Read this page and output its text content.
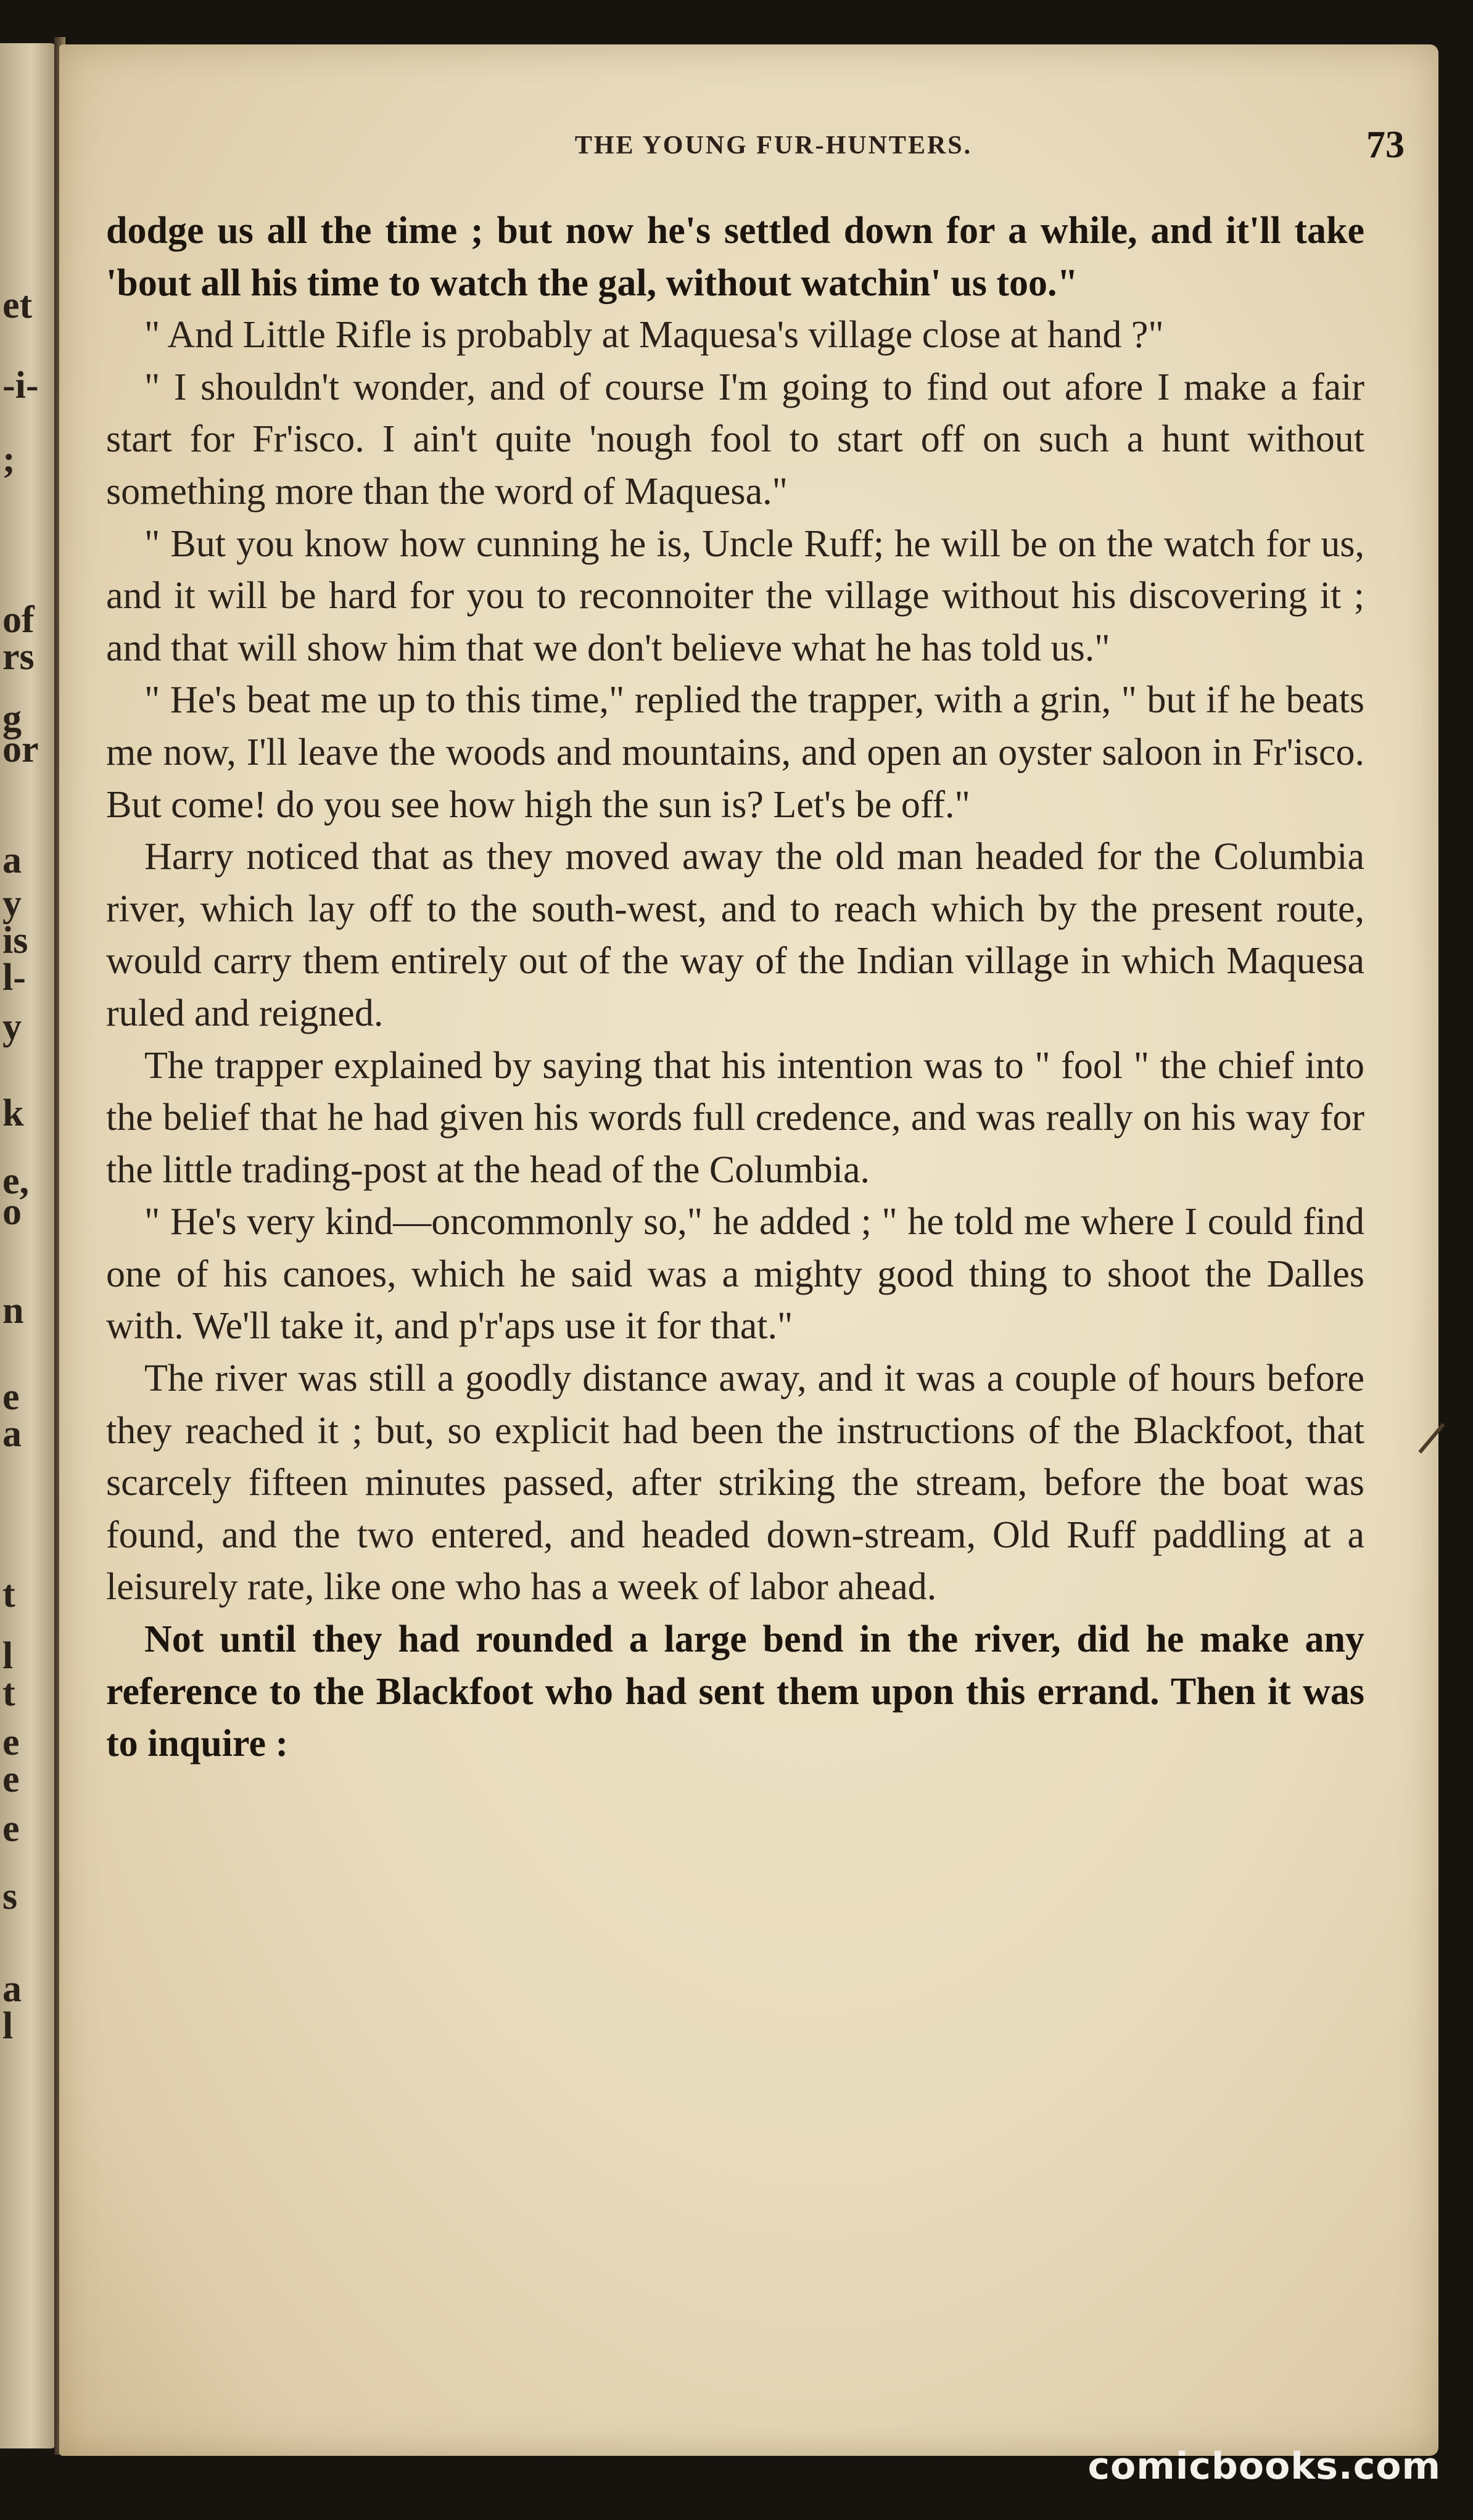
et
-i-
;
of
rs
g
or
a
y
is
l-
y
k
e,
o
n
e
a
t
l
t
e
e
e
s
a
l
THE YOUNG FUR-HUNTERS.	73

dodge us all the time ; but now he's settled down for a while, and it'll take 'bout all his time to watch the gal, without watchin' us too."

" And Little Rifle is probably at Maquesa's village close at hand ?"

" I shouldn't wonder, and of course I'm going to find out afore I make a fair start for Fr'isco. I ain't quite 'nough fool to start off on such a hunt without something more than the word of Maquesa."

" But you know how cunning he is, Uncle Ruff; he will be on the watch for us, and it will be hard for you to reconnoiter the village without his discovering it ; and that will show him that we don't believe what he has told us."

" He's beat me up to this time," replied the trapper, with a grin, " but if he beats me now, I'll leave the woods and mountains, and open an oyster saloon in Fr'isco. But come! do you see how high the sun is? Let's be off."

Harry noticed that as they moved away the old man headed for the Columbia river, which lay off to the south-west, and to reach which by the present route, would carry them entirely out of the way of the Indian village in which Maquesa ruled and reigned.

The trapper explained by saying that his intention was to " fool " the chief into the belief that he had given his words full credence, and was really on his way for the little trading-post at the head of the Columbia.

" He's very kind—oncommonly so," he added ; " he told me where I could find one of his canoes, which he said was a mighty good thing to shoot the Dalles with. We'll take it, and p'r'aps use it for that."

The river was still a goodly distance away, and it was a couple of hours before they reached it ; but, so explicit had been the instructions of the Blackfoot, that scarcely fifteen minutes passed, after striking the stream, before the boat was found, and the two entered, and headed down-stream, Old Ruff paddling at a leisurely rate, like one who has a week of labor ahead.

Not until they had rounded a large bend in the river, did he make any reference to the Blackfoot who had sent them upon this errand. Then it was to inquire :

comicbooks.com
